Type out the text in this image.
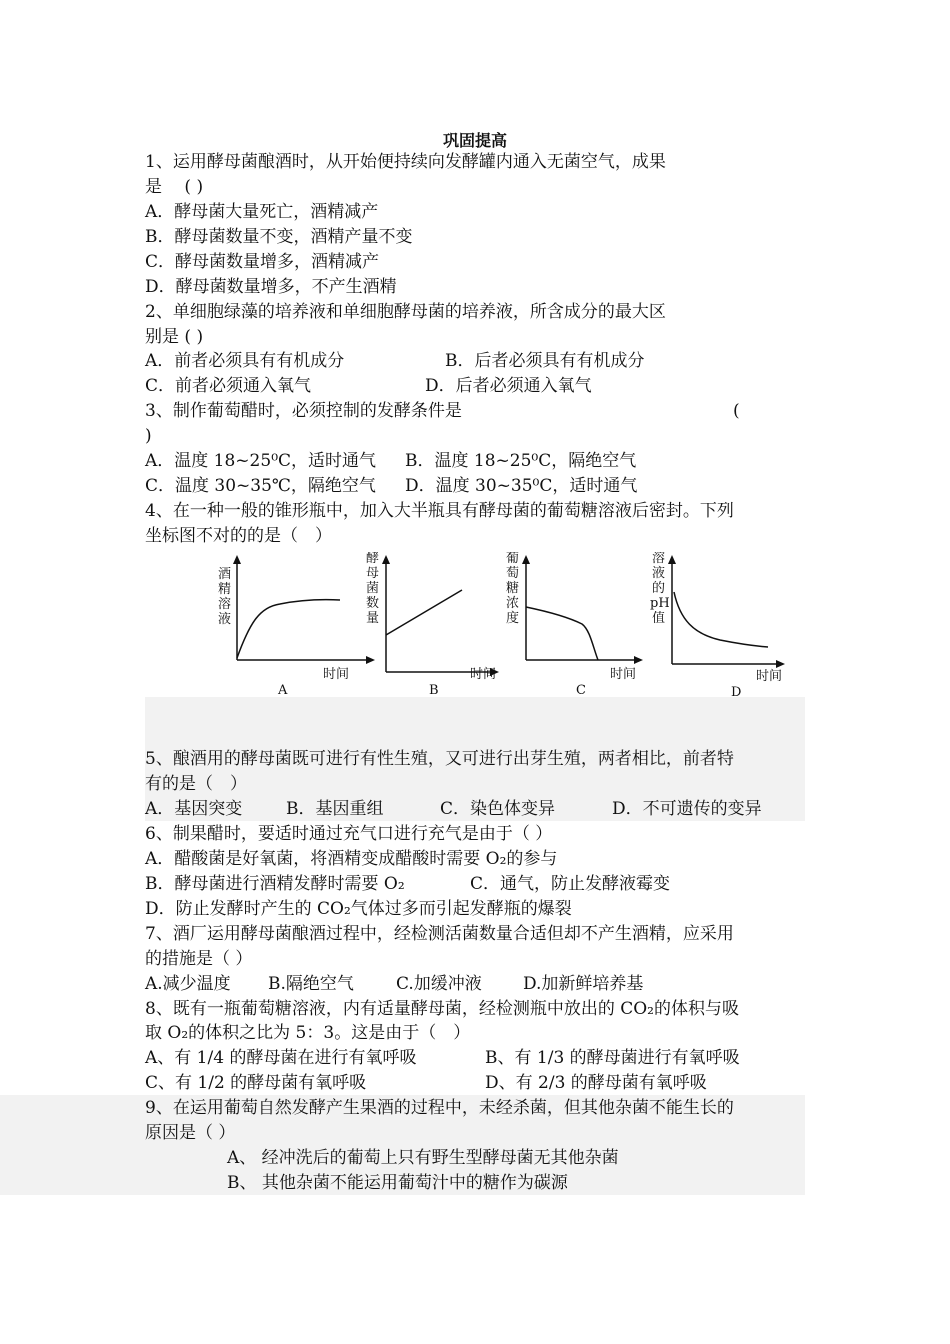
巩固提高
1、运用酵母菌酿酒时，从开始便持续向发酵罐内通入无菌空气，成果
是 　( )
A．酵母菌大量死亡，酒精减产
B．酵母菌数量不变，酒精产量不变
C．酵母菌数量增多，酒精减产
D．酵母菌数量增多，不产生酒精
2、单细胞绿藻的培养液和单细胞酵母菌的培养液，所含成分的最大区
别是 ( )
A．前者必须具有有机成分	B．后者必须具有有机成分
C．前者必须通入氧气	D．后者必须通入氧气
3、制作葡萄醋时，必须控制的发酵条件是	(
)
A．温度 18~25⁰C，适时通气 B．温度 18~25⁰C，隔绝空气
C．温度 30~35℃，隔绝空气 D．温度 30~35⁰C，适时通气
4、在一种一般的锥形瓶中，加入大半瓶具有酵母菌的葡萄糖溶液后密封。下列
坐标图不对的的是（　）
酒
精
溶
液
时间
A
酵
母
菌
数
量
时间
B
葡
萄
糖
浓
度
时间
C
溶
液
的
pH
值
时间
D
5、酿酒用的酵母菌既可进行有性生殖，又可进行出芽生殖，两者相比，前者特
有的是（　）
A．基因突变	B．基因重组	C．染色体变异	D．不可遗传的变异
6、制果醋时，要适时通过充气口进行充气是由于（ ）
A．醋酸菌是好氧菌，将酒精变成醋酸时需要 O₂的参与
B．酵母菌进行酒精发酵时需要 O₂	C．通气，防止发酵液霉变
D．防止发酵时产生的 CO₂气体过多而引起发酵瓶的爆裂
7、酒厂运用酵母菌酿酒过程中，经检测活菌数量合适但却不产生酒精，应采用
的措施是（ ）
A.减少温度 B.隔绝空气 C.加缓冲液 D.加新鲜培养基
8、既有一瓶葡萄糖溶液，内有适量酵母菌，经检测瓶中放出的 CO₂的体积与吸
取 O₂的体积之比为 5：3。这是由于（　）
A、有 1/4 的酵母菌在进行有氧呼吸	B、有 1/3 的酵母菌进行有氧呼吸
C、有 1/2 的酵母菌有氧呼吸	D、有 2/3 的酵母菌有氧呼吸
9、在运用葡萄自然发酵产生果酒的过程中，未经杀菌，但其他杂菌不能生长的
原因是（ ）
A、 经冲洗后的葡萄上只有野生型酵母菌无其他杂菌
B、 其他杂菌不能运用葡萄汁中的糖作为碳源
